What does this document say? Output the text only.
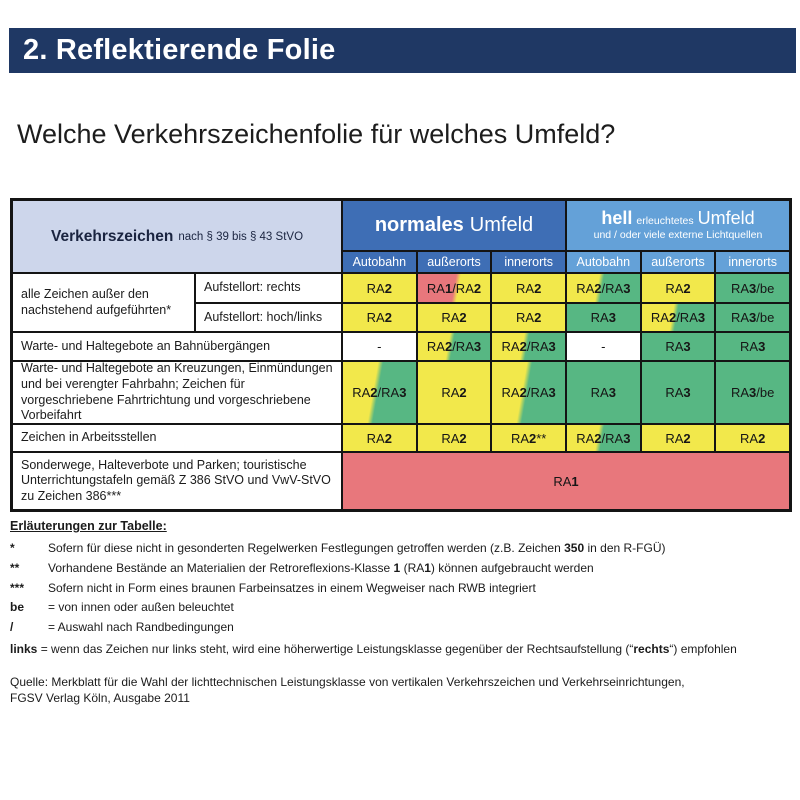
2. Reflektierende Folie
Welche Verkehrszeichenfolie für welches Umfeld?
Verkehrszeichen nach § 39 bis § 43 StVO
normales Umfeld	hell erleuchtetes Umfeld
und / oder viele externe Lichtquellen
Autobahn	außerorts	innerorts	Autobahn	außerorts	innerorts
alle Zeichen außer den nachstehend aufgeführten*
Aufstellort: rechts	RA 2	RA 1 /RA 2	RA 2	RA 2 /RA 3	RA 2	RA 3 /be
Aufstellort: hoch/links	RA 2	RA 2	RA 2	RA 3	RA 2 /RA 3	RA 3 /be
Warte- und Haltegebote an Bahnübergängen	-	RA 2 /RA 3	RA 2 /RA 3	-	RA 3	RA 3
Warte- und Haltegebote an Kreuzungen, Einmündungen und bei verengter Fahrbahn; Zeichen für vorgeschriebene Fahrtrichtung und vorgeschriebene Vorbeifahrt
RA 2 /RA 3	RA 2	RA 2 /RA 3	RA 3	RA 3	RA 3 /be
Zeichen in Arbeitsstellen	RA 2	RA 2	RA 2 **	RA 2 /RA 3	RA 2	RA 2
Sonderwege, Halteverbote und Parken; touristische Unterrichtungstafeln gemäß Z 386 StVO und VwV-StVO zu Zeichen 386***
RA 1
Erläuterungen zur Tabelle:
*	Sofern für diese nicht in gesonderten Regelwerken Festlegungen getroffen werden (z.B. Zeichen 350 in den R-FGÜ)
** Vorhandene Bestände an Materialien der Retroreflexions-Klasse 1 (RA1) können aufgebraucht werden
*** Sofern nicht in Form eines braunen Farbeinsatzes in einem Wegweiser nach RWB integriert
be = von innen oder außen beleuchtet
/	= Auswahl nach Randbedingungen
links = wenn das Zeichen nur links steht, wird eine höherwertige Leistungsklasse gegenüber der Rechtsaufstellung (“rechts“) empfohlen
Quelle: Merkblatt für die Wahl der lichttechnischen Leistungsklasse von vertikalen Verkehrszeichen und Verkehrseinrichtungen,
FGSV Verlag Köln, Ausgabe 2011
